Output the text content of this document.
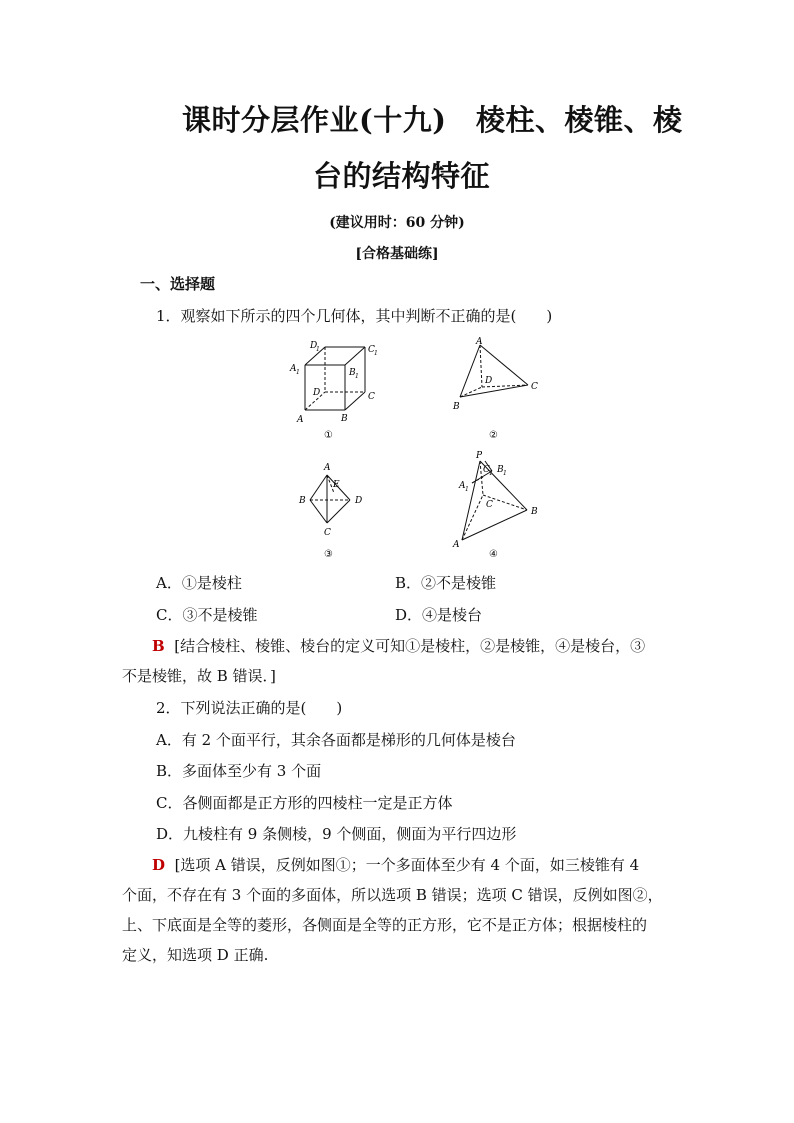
课时分层作业(十九)　棱柱、棱锥、棱
台的结构特征
(建议用时：60 分钟)
[合格基础练]
一、选择题
1．观察如下所示的四个几何体，其中判断不正确的是(　　)
D
1	C 1
A 1	B 1
D	C
A	B
①
A
D
C
B
②
A
E
B	D
C
③
P
C 1 B 1
A 1
C
B
A
④
A．①是棱柱	B．②不是棱锥
C．③不是棱锥	D．④是棱台
B [结合棱柱、棱锥、棱台的定义可知①是棱柱，②是棱锥，④是棱台，③
不是棱锥，故 B 错误．]
2．下列说法正确的是(　　)
A．有 2 个面平行，其余各面都是梯形的几何体是棱台
B．多面体至少有 3 个面
C．各侧面都是正方形的四棱柱一定是正方体
D．九棱柱有 9 条侧棱，9 个侧面，侧面为平行四边形
D [选项 A 错误，反例如图①；一个多面体至少有 4 个面，如三棱锥有 4
个面，不存在有 3 个面的多面体，所以选项 B 错误；选项 C 错误，反例如图②，
上、下底面是全等的菱形，各侧面是全等的正方形，它不是正方体；根据棱柱的
定义，知选项 D 正确.
